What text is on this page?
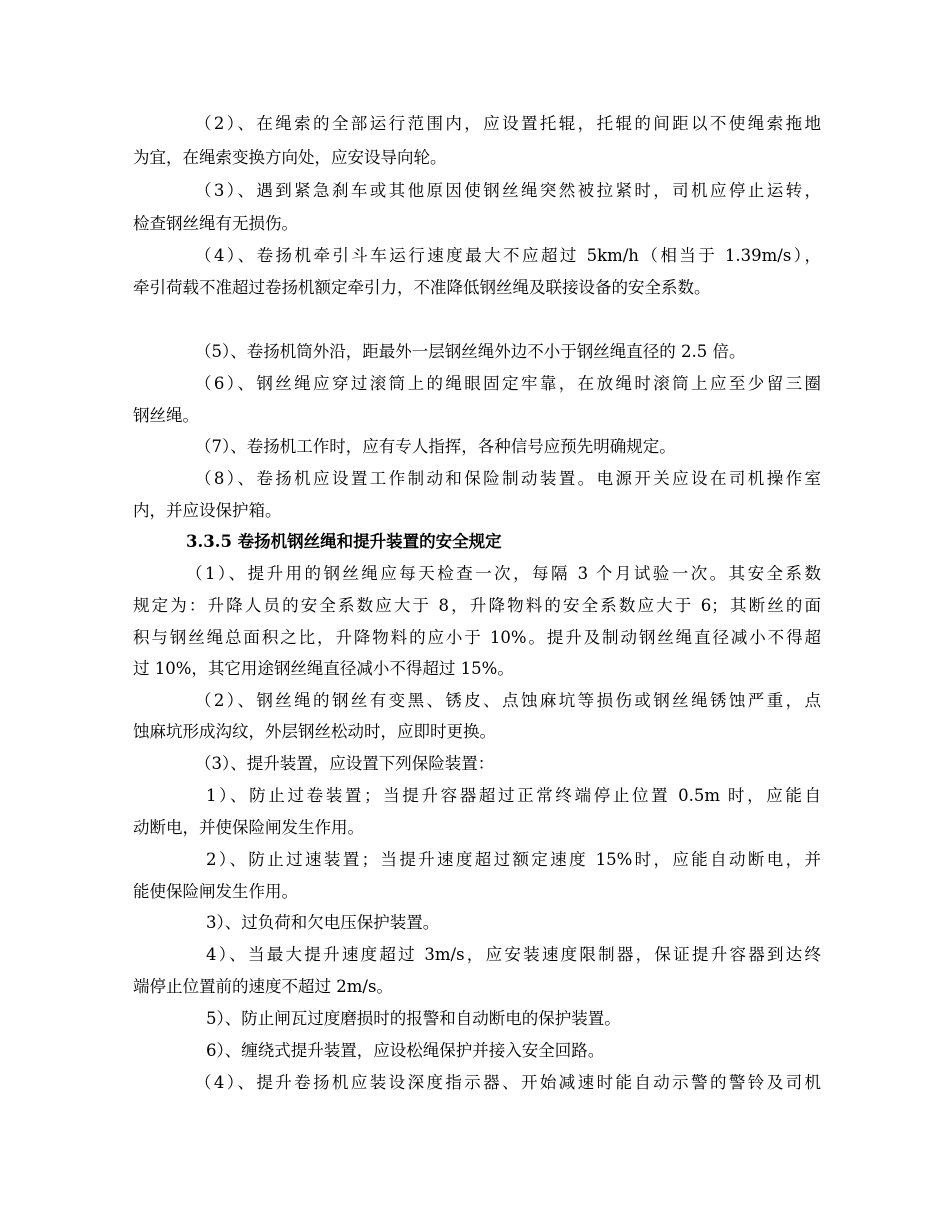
（2）、在绳索的全部运行范围内，应设置托辊，托辊的间距以不使绳索拖地
为宜，在绳索变换方向处，应安设导向轮。
（3）、遇到紧急刹车或其他原因使钢丝绳突然被拉紧时，司机应停止运转，
检查钢丝绳有无损伤。
（4）、卷扬机牵引斗车运行速度最大不应超过 5km/h（相当于 1.39m/s），
牵引荷载不准超过卷扬机额定牵引力，不准降低钢丝绳及联接设备的安全系数。
（5）、卷扬机筒外沿，距最外一层钢丝绳外边不小于钢丝绳直径的 2.5 倍。
（6）、钢丝绳应穿过滚筒上的绳眼固定牢靠，在放绳时滚筒上应至少留三圈
钢丝绳。
（7）、卷扬机工作时，应有专人指挥，各种信号应预先明确规定。
（8）、卷扬机应设置工作制动和保险制动装置。电源开关应设在司机操作室
内，并应设保护箱。
3.3.5 卷扬机钢丝绳和提升装置的安全规定
（1）、提升用的钢丝绳应每天检查一次，每隔 3 个月试验一次。其安全系数
规定为：升降人员的安全系数应大于 8，升降物料的安全系数应大于 6；其断丝的面
积与钢丝绳总面积之比，升降物料的应小于 10%。提升及制动钢丝绳直径减小不得超
过 10%，其它用途钢丝绳直径减小不得超过 15%。
（2）、钢丝绳的钢丝有变黑、锈皮、点蚀麻坑等损伤或钢丝绳锈蚀严重，点
蚀麻坑形成沟纹，外层钢丝松动时，应即时更换。
（3）、提升装置，应设置下列保险装置：
1）、防止过卷装置；当提升容器超过正常终端停止位置 0.5m 时，应能自
动断电，并使保险闸发生作用。
2）、防止过速装置；当提升速度超过额定速度 15%时，应能自动断电，并
能使保险闸发生作用。
3）、过负荷和欠电压保护装置。
4）、当最大提升速度超过 3m/s，应安装速度限制器，保证提升容器到达终
端停止位置前的速度不超过 2m/s。
5）、防止闸瓦过度磨损时的报警和自动断电的保护装置。
6）、缠绕式提升装置，应设松绳保护并接入安全回路。
（4）、提升卷扬机应装设深度指示器、开始减速时能自动示警的警铃及司机
